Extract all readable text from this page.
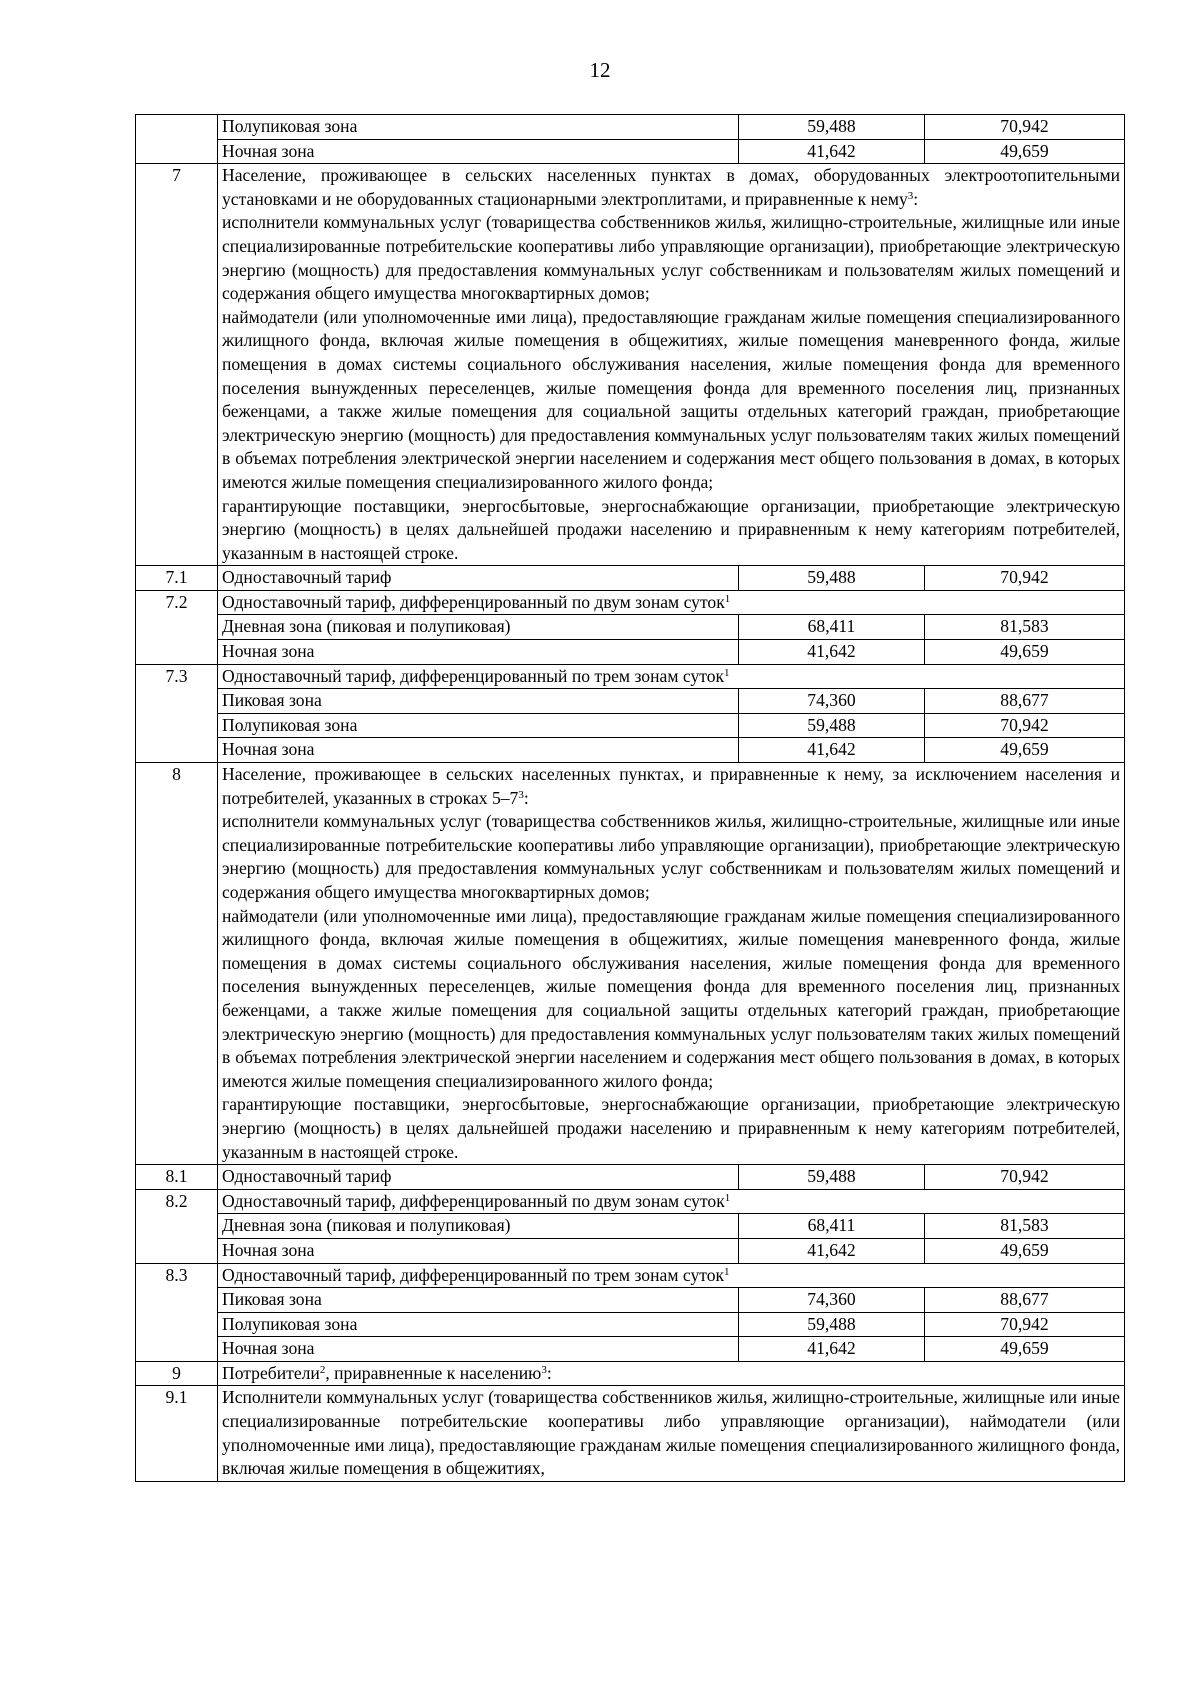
12
	Полупиковая зона	59,488	70,942
	Ночная зона	41,642	49,659
7	Население, проживающее в сельских населенных пунктах в домах, оборудованных электроотопительными установками и не оборудованных стационарными электроплитами, и приравненные к нему$^3$:

исполнители коммунальных услуг (товарищества собственников жилья, жилищно-строительные, жилищные или иные специализированные потребительские кооперативы либо управляющие организации), приобретающие электрическую энергию (мощность) для предоставления коммунальных услуг собственникам и пользователям жилых помещений и содержания общего имущества многоквартирных домов;

наймодатели (или уполномоченные ими лица), предоставляющие гражданам жилые помещения специализированного жилищного фонда, включая жилые помещения в общежитиях, жилые помещения маневренного фонда, жилые помещения в домах системы социального обслуживания населения, жилые помещения фонда для временного поселения вынужденных переселенцев, жилые помещения фонда для временного поселения лиц, признанных беженцами, а также жилые помещения для социальной защиты отдельных категорий граждан, приобретающие электрическую энергию (мощность) для предоставления коммунальных услуг пользователям таких жилых помещений в объемах потребления электрической энергии населением и содержания мест общего пользования в домах, в которых имеются жилые помещения специализированного жилого фонда;

гарантирующие поставщики, энергосбытовые, энергоснабжающие организации, приобретающие электрическую энергию (мощность) в целях дальнейшей продажи населению и приравненным к нему категориям потребителей, указанным в настоящей строке.		

7.1	Одноставочный тариф	59,488	70,942
7.2	Одноставочный тариф, дифференцированный по двум зонам суток$^1$
	Дневная зона (пиковая и полупиковая)	68,411	81,583
	Ночная зона	41,642	49,659
7.3	Одноставочный тариф, дифференцированный по трем зонам суток$^1$
	Пиковая зона	74,360	88,677
	Полупиковая зона	59,488	70,942
	Ночная зона	41,642	49,659
8	Население, проживающее в сельских населенных пунктах, и приравненные к нему, за исключением населения и потребителей, указанных в строках $5-7^3$:

исполнители коммунальных услуг (товарищества собственников жилья, жилищно-строительные, жилищные или иные специализированные потребительские кооперативы либо управляющие организации), приобретающие электрическую энергию (мощность) для предоставления коммунальных услуг собственникам и пользователям жилых помещений и содержания общего имущества многоквартирных домов;

наймодатели (или уполномоченные ими лица), предоставляющие гражданам жилые помещения специализированного жилищного фонда, включая жилые помещения в общежитиях, жилые помещения маневренного фонда, жилые помещения в домах системы социального обслуживания населения, жилые помещения фонда для временного поселения вынужденных переселенцев, жилые помещения фонда для временного поселения лиц, признанных беженцами, а также жилые помещения для социальной защиты отдельных категорий граждан, приобретающие электрическую энергию (мощность) для предоставления коммунальных услуг пользователям таких жилых помещений в объемах потребления электрической энергии населением и содержания мест общего пользования в домах, в которых имеются жилые помещения специализированного жилого фонда;

гарантирующие поставщики, энергосбытовые, энергоснабжающие организации, приобретающие электрическую энергию (мощность) в целях дальнейшей продажи населению и приравненным к нему категориям потребителей, указанным в настоящей строке.		

8.1	Одноставочный тариф	59,488	70,942
8.2	Одноставочный тариф, дифференцированный по двум зонам суток$^1$
	Дневная зона (пиковая и полупиковая)	68,411	81,583
	Ночная зона	41,642	49,659
8.3	Одноставочный тариф, дифференцированный по трем зонам суток$^1$
	Пиковая зона	74,360	88,677
	Полупиковая зона	59,488	70,942
	Ночная зона	41,642	49,659
9	Потребители$^2$, приравненные к населению$^3$:		
9.1	Исполнители коммунальных услуг (товарищества собственников жилья, жилищно-строительные, жилищные или иные специализированные потребительские кооперативы либо управляющие организации), наймодатели (или уполномоченные ими лица), предоставляющие гражданам жилые помещения специализированного жилищного фонда, включая жилые помещения в общежитиях,		
